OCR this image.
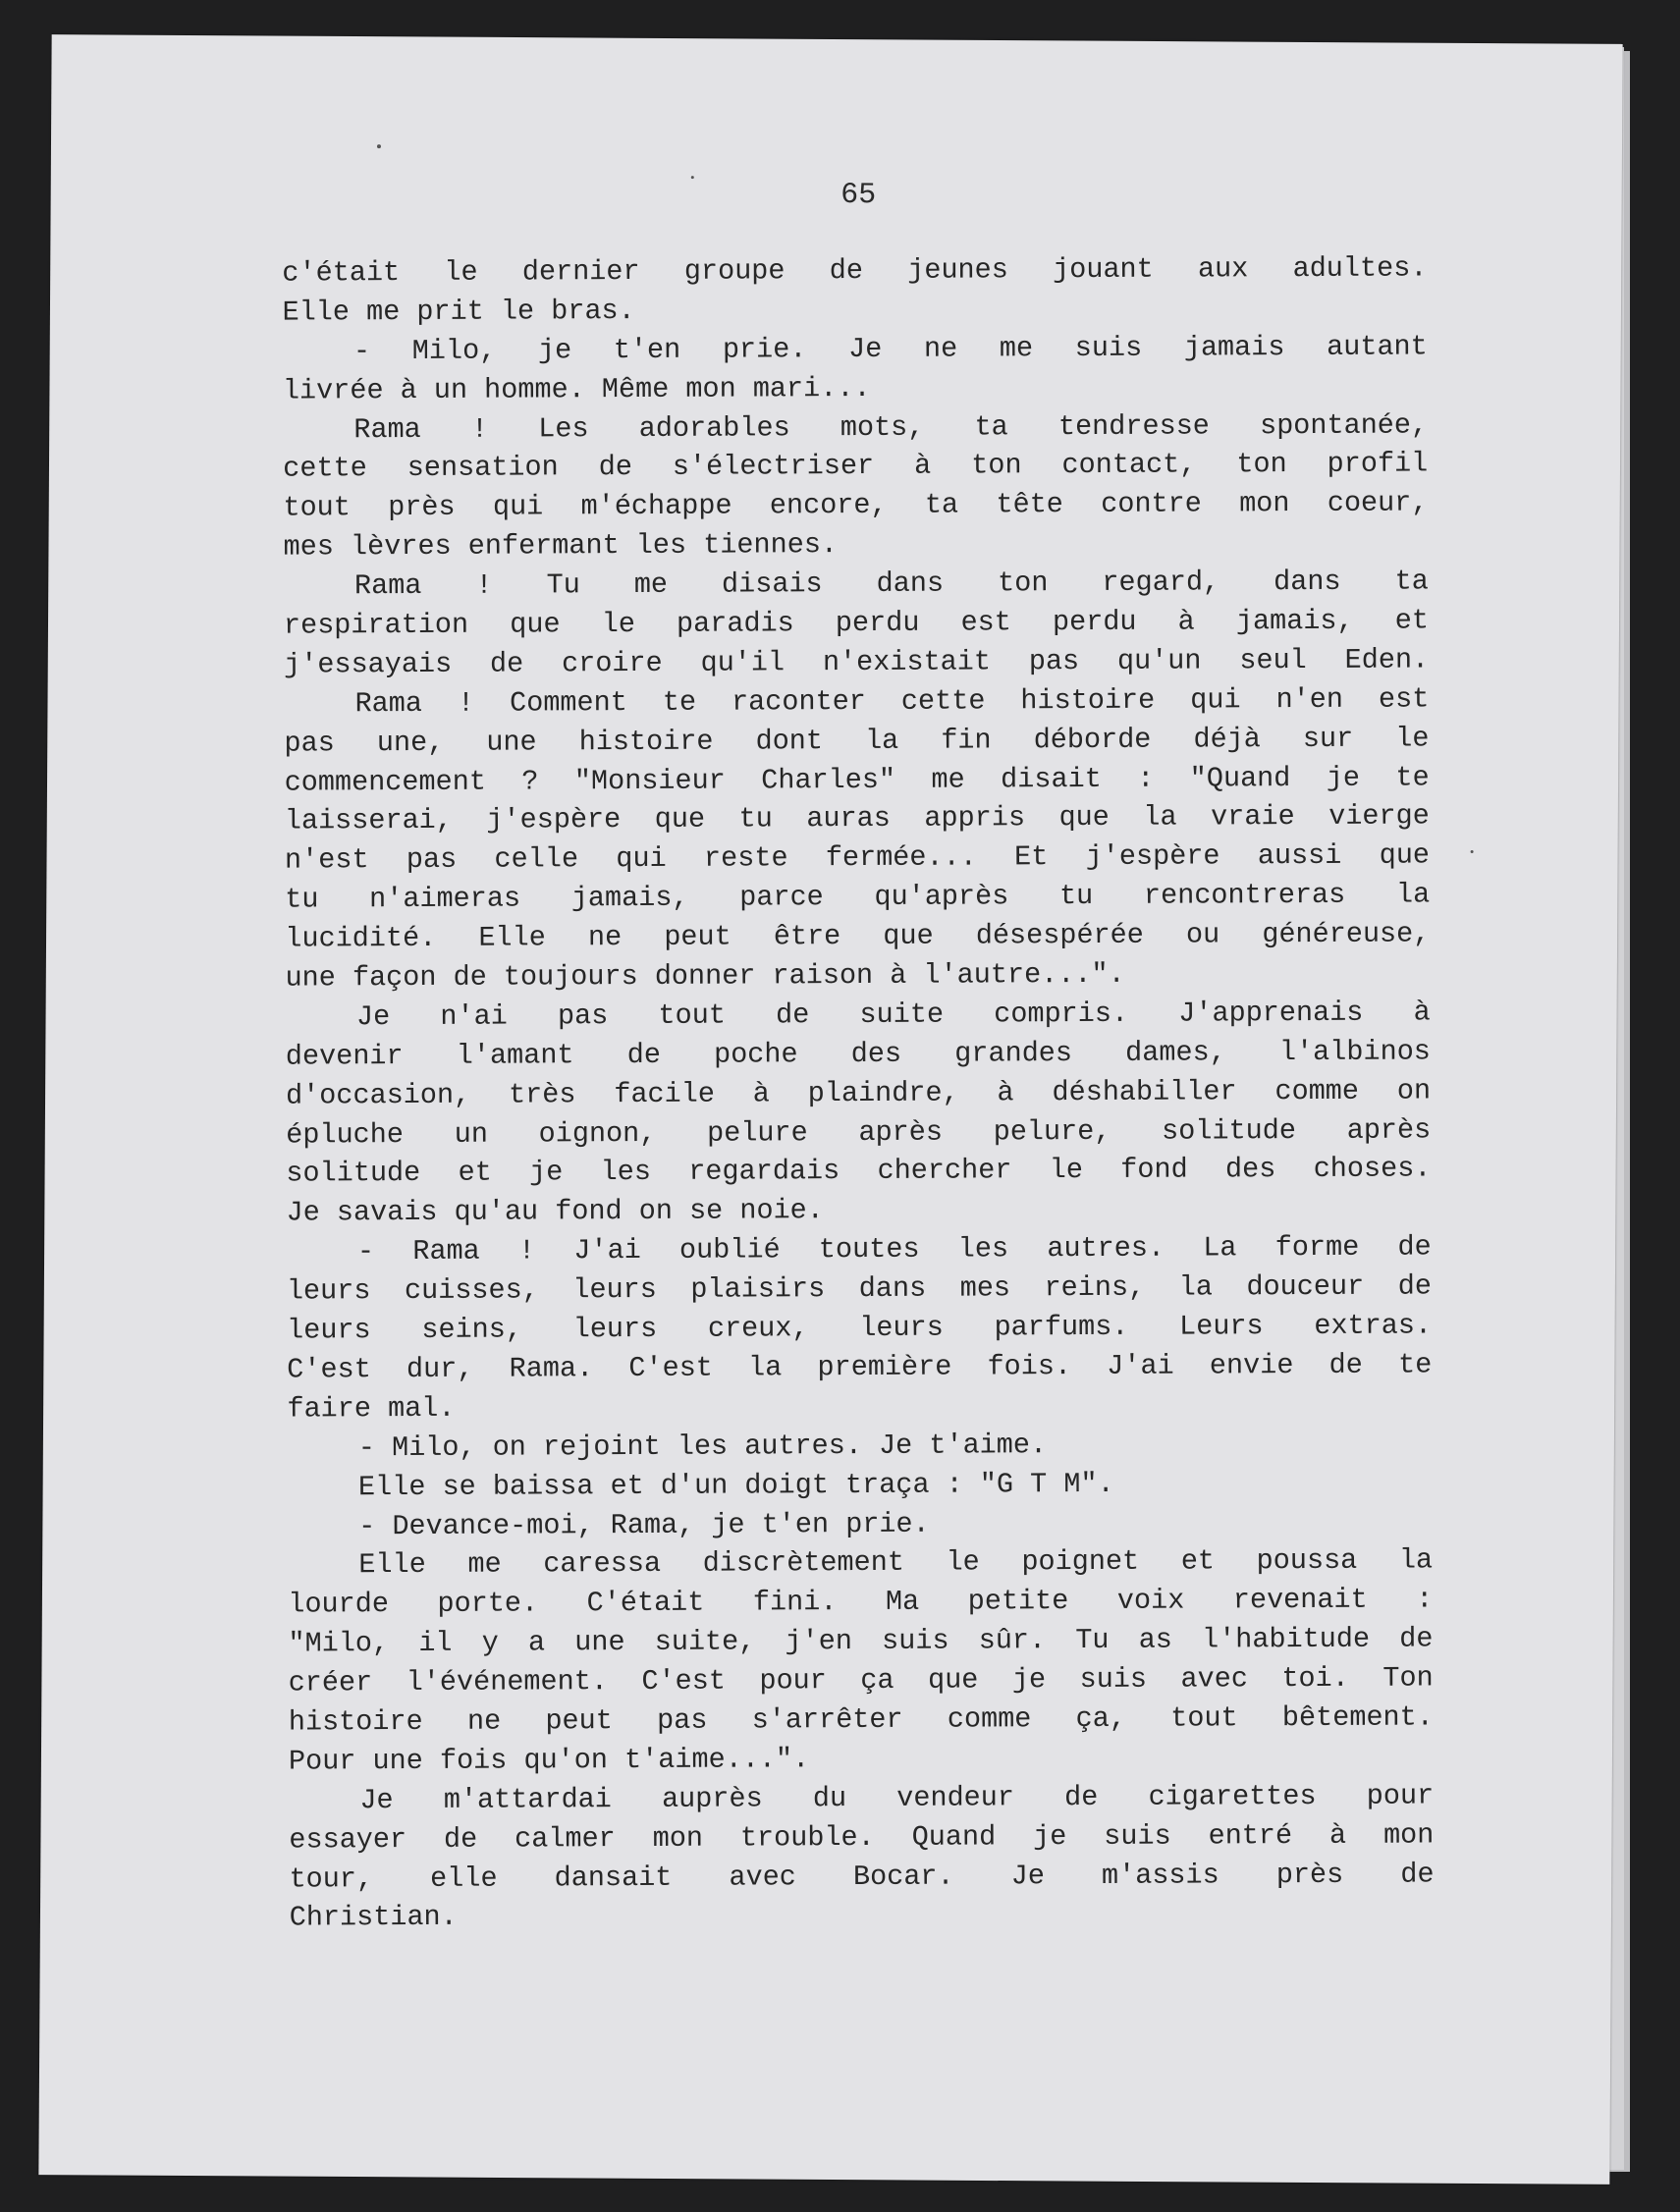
65
c'était le dernier groupe de jeunes jouant aux adultes.
Elle me prit le bras.
- Milo, je t'en prie. Je ne me suis jamais autant
livrée à un homme. Même mon mari...
Rama ! Les adorables mots, ta tendresse spontanée,
cette sensation de s'électriser à ton contact, ton profil
tout près qui m'échappe encore, ta tête contre mon coeur,
mes lèvres enfermant les tiennes.
Rama ! Tu me disais dans ton regard, dans ta
respiration que le paradis perdu est perdu à jamais, et
j'essayais de croire qu'il n'existait pas qu'un seul Eden.
Rama ! Comment te raconter cette histoire qui n'en est
pas une, une histoire dont la fin déborde déjà sur le
commencement ? "Monsieur Charles" me disait : "Quand je te
laisserai, j'espère que tu auras appris que la vraie vierge
n'est pas celle qui reste fermée... Et j'espère aussi que
tu n'aimeras jamais, parce qu'après tu rencontreras la
lucidité. Elle ne peut être que désespérée ou généreuse,
une façon de toujours donner raison à l'autre...".
Je n'ai pas tout de suite compris. J'apprenais à
devenir l'amant de poche des grandes dames, l'albinos
d'occasion, très facile à plaindre, à déshabiller comme on
épluche un oignon, pelure après pelure, solitude après
solitude et je les regardais chercher le fond des choses.
Je savais qu'au fond on se noie.
- Rama ! J'ai oublié toutes les autres. La forme de
leurs cuisses, leurs plaisirs dans mes reins, la douceur de
leurs seins, leurs creux, leurs parfums. Leurs extras.
C'est dur, Rama. C'est la première fois. J'ai envie de te
faire mal.
- Milo, on rejoint les autres. Je t'aime.
Elle se baissa et d'un doigt traça : "G T M".
- Devance-moi, Rama, je t'en prie.
Elle me caressa discrètement le poignet et poussa la
lourde porte. C'était fini. Ma petite voix revenait :
"Milo, il y a une suite, j'en suis sûr. Tu as l'habitude de
créer l'événement. C'est pour ça que je suis avec toi. Ton
histoire ne peut pas s'arrêter comme ça, tout bêtement.
Pour une fois qu'on t'aime...".
Je m'attardai auprès du vendeur de cigarettes pour
essayer de calmer mon trouble. Quand je suis entré à mon
tour, elle dansait avec Bocar. Je m'assis près de
Christian.
